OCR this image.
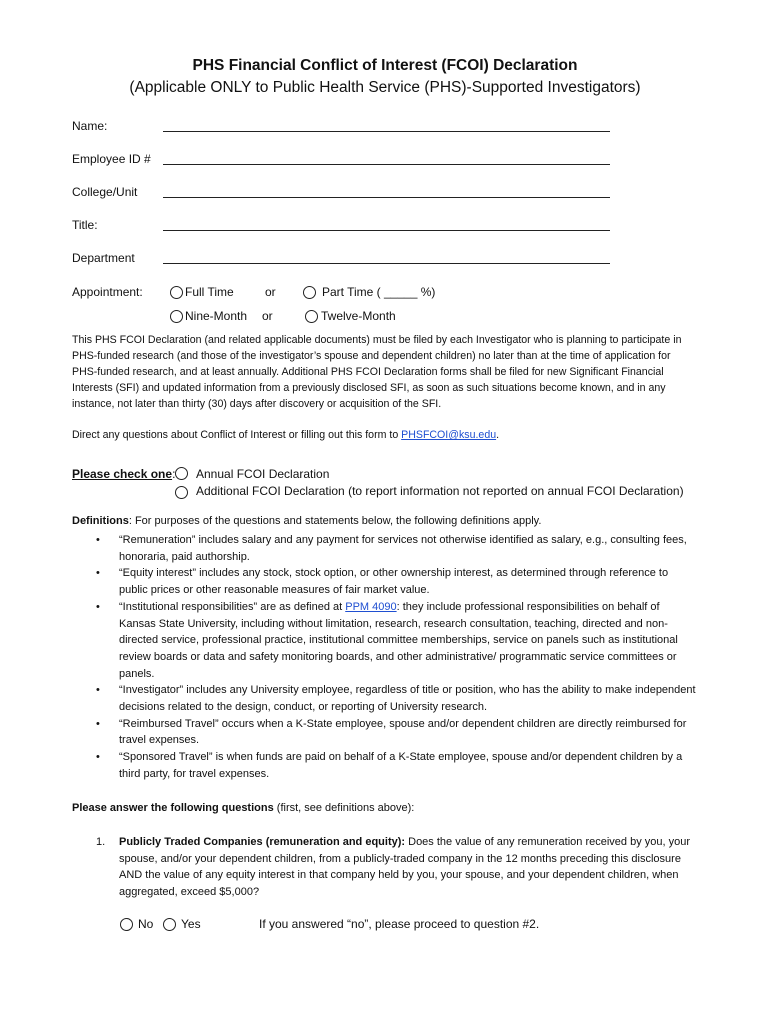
PHS Financial Conflict of Interest (FCOI) Declaration
(Applicable ONLY to Public Health Service (PHS)-Supported Investigators)
Name:
Employee ID #
College/Unit
Title:
Department
Appointment:	Full Time	or	Part Time ( _____ %)
Nine-Month or	Twelve-Month
This PHS FCOI Declaration (and related applicable documents) must be filed by each Investigator who is planning to participate in PHS-funded research (and those of the investigator’s spouse and dependent children) no later than at the time of application for PHS-funded research, and at least annually. Additional PHS FCOI Declaration forms shall be filed for new Significant Financial Interests (SFI) and updated information from a previously disclosed SFI, as soon as such situations become known, and in any instance, not later than thirty (30) days after discovery or acquisition of the SFI.
Direct any questions about Conflict of Interest or filling out this form to PHSFCOI@ksu.edu.
Please check one: Annual FCOI Declaration
Additional FCOI Declaration (to report information not reported on annual FCOI Declaration)
Definitions: For purposes of the questions and statements below, the following definitions apply.
• “Remuneration” includes salary and any payment for services not otherwise identified as salary, e.g., consulting fees, honoraria, paid authorship.
• “Equity interest” includes any stock, stock option, or other ownership interest, as determined through reference to public prices or other reasonable measures of fair market value.
• “Institutional responsibilities” are as defined at PPM 4090: they include professional responsibilities on behalf of Kansas State University, including without limitation, research, research consultation, teaching, directed and non-directed service, professional practice, institutional committee memberships, service on panels such as institutional review boards or data and safety monitoring boards, and other administrative/ programmatic service committees or panels.
• “Investigator” includes any University employee, regardless of title or position, who has the ability to make independent decisions related to the design, conduct, or reporting of University research.
• “Reimbursed Travel” occurs when a K-State employee, spouse and/or dependent children are directly reimbursed for travel expenses.
• “Sponsored Travel” is when funds are paid on behalf of a K-State employee, spouse and/or dependent children by a third party, for travel expenses.
Please answer the following questions (first, see definitions above):
1. Publicly Traded Companies (remuneration and equity): Does the value of any remuneration received by you, your spouse, and/or your dependent children, from a publicly-traded company in the 12 months preceding this disclosure AND the value of any equity interest in that company held by you, your spouse, and your dependent children, when aggregated, exceed $5,000?
No Yes	If you answered “no”, please proceed to question #2.
